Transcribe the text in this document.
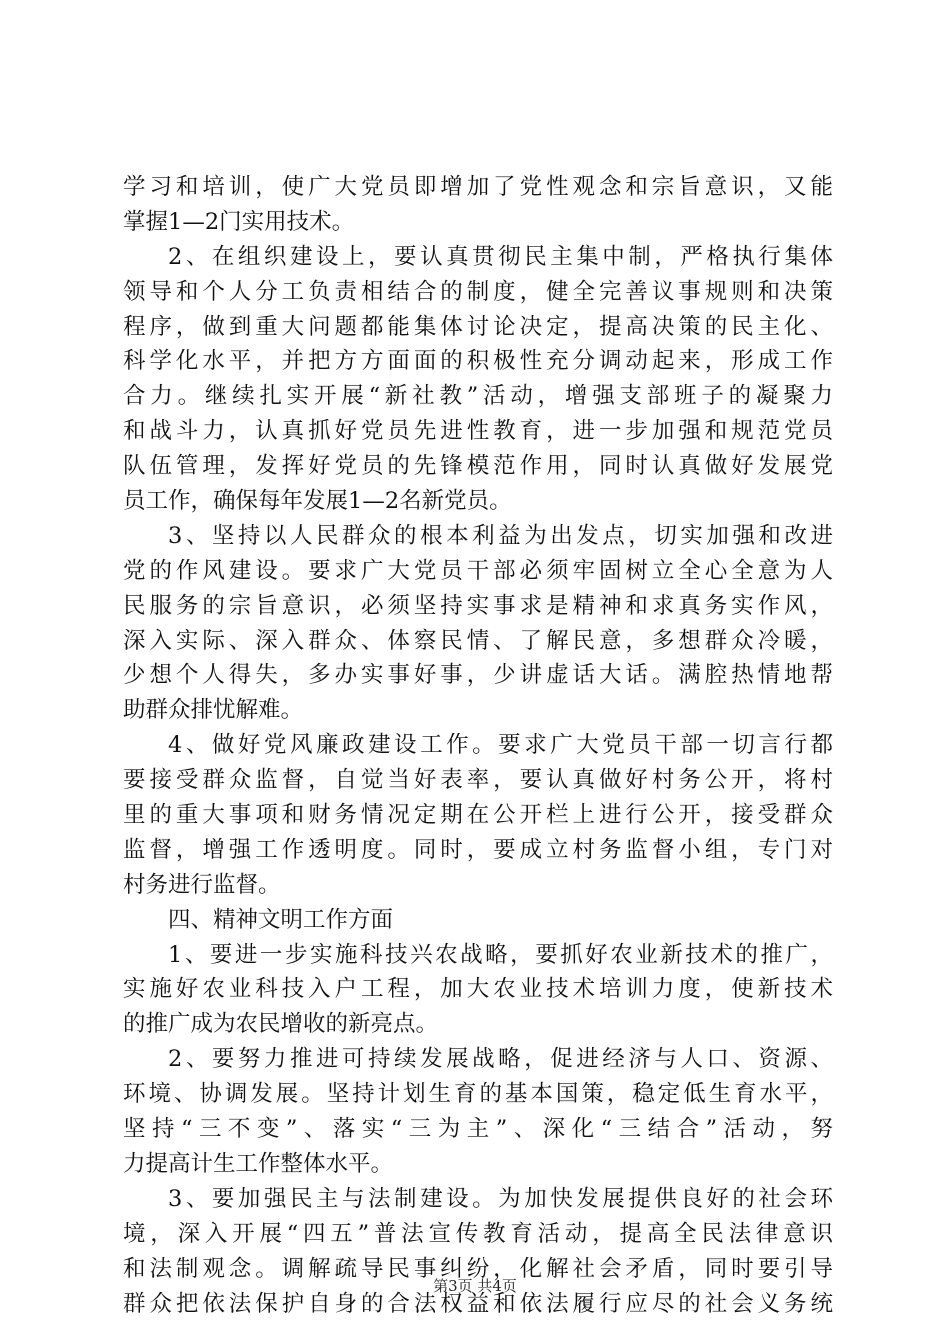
学习和培训，使广大党员即增加了党性观念和宗旨意识，又能
掌握1—2门实用技术。
2、在组织建设上，要认真贯彻民主集中制，严格执行集体
领导和个人分工负责相结合的制度，健全完善议事规则和决策
程序，做到重大问题都能集体讨论决定，提高决策的民主化、
科学化水平，并把方方面面的积极性充分调动起来，形成工作
合力。继续扎实开展“新社教”活动，增强支部班子的凝聚力
和战斗力，认真抓好党员先进性教育，进一步加强和规范党员
队伍管理，发挥好党员的先锋模范作用，同时认真做好发展党
员工作，确保每年发展1—2名新党员。
3、坚持以人民群众的根本利益为出发点，切实加强和改进
党的作风建设。要求广大党员干部必须牢固树立全心全意为人
民服务的宗旨意识，必须坚持实事求是精神和求真务实作风，
深入实际、深入群众、体察民情、了解民意，多想群众冷暖，
少想个人得失，多办实事好事，少讲虚话大话。满腔热情地帮
助群众排忧解难。
4、做好党风廉政建设工作。要求广大党员干部一切言行都
要接受群众监督，自觉当好表率，要认真做好村务公开，将村
里的重大事项和财务情况定期在公开栏上进行公开，接受群众
监督，增强工作透明度。同时，要成立村务监督小组，专门对
村务进行监督。
四、精神文明工作方面
1、要进一步实施科技兴农战略，要抓好农业新技术的推广，
实施好农业科技入户工程，加大农业技术培训力度，使新技术
的推广成为农民增收的新亮点。
2、要努力推进可持续发展战略，促进经济与人口、资源、
环境、协调发展。坚持计划生育的基本国策，稳定低生育水平，
坚持“三不变”、落实“三为主”、深化“三结合”活动，努
力提高计生工作整体水平。
3、要加强民主与法制建设。为加快发展提供良好的社会环
境，深入开展“四五”普法宣传教育活动，提高全民法律意识
和法制观念。调解疏导民事纠纷，化解社会矛盾，同时要引导
群众把依法保护自身的合法权益和依法履行应尽的社会义务统
第3页 共4页
